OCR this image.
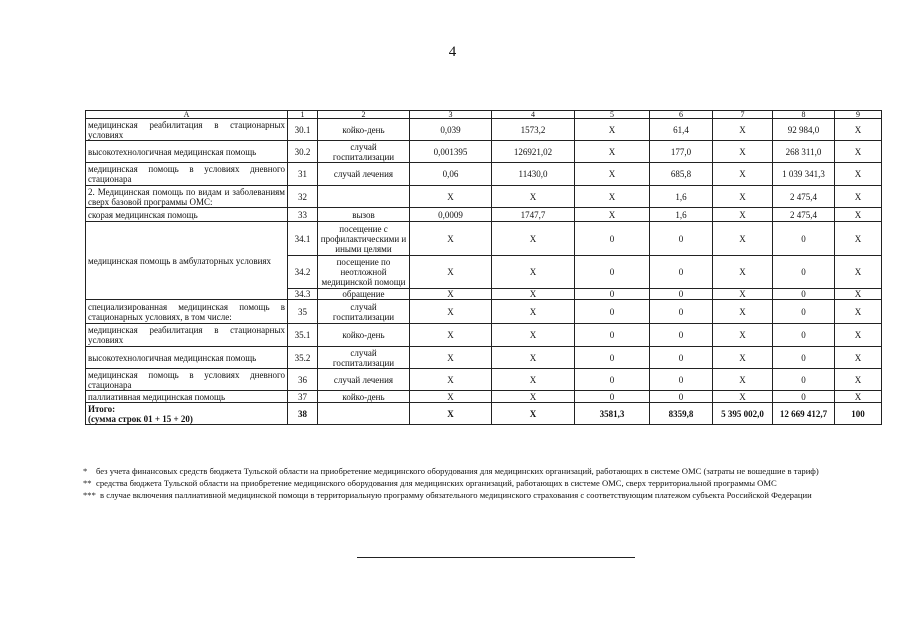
4
A	1	2	3	4	5	6	7	8	9
медицинская реабилитация в стационарных условиях	30.1	койко-день	0,039	1573,2	X	61,4	X	92 984,0	X
высокотехнологичная медицинская помощь	30.2	случай госпитализации	0,001395	126921,02	X	177,0	X	268 311,0	X
медицинская помощь в условиях дневного стационара	31	случай лечения	0,06	11430,0	X	685,8	X	1 039 341,3	X
2. Медицинская помощь по видам и заболеваниям сверх базовой программы ОМС:	32		X	X	X	1,6	X	2 475,4	X
скорая медицинская помощь	33	вызов	0,0009	1747,7	X	1,6	X	2 475,4	X
медицинская помощь в амбулаторных условиях	34.1	посещение с профилактическими и иными целями	X	X	0	0	X	0	X
	34.2	посещение по неотложной медицинской помощи	X	X	0	0	X	0	X
	34.3	обращение	X	X	0	0	X	0	X
специализированная медицинская помощь в стационарных условиях, в том числе:	35	случай госпитализации	X	X	0	0	X	0	X
медицинская реабилитация в стационарных условиях	35.1	койко-день	X	X	0	0	X	0	X
высокотехнологичная медицинская помощь	35.2	случай госпитализации	X	X	0	0	X	0	X
медицинская помощь в условиях дневного стационара	36	случай лечения	X	X	0	0	X	0	X
паллиативная медицинская помощь	37	койко-день	X	X	0	0	X	0	X

Итого:
(сумма строк 01 + 15 + 20)	38		X	X	3581,3	8359,8	5 395 002,0	12 669 412,7	100
* без учета финансовых средств бюджета Тульской области на приобретение медицинского оборудования для медицинских организаций, работающих в системе ОМС (затраты не вошедшие в тариф)
** средства бюджета Тульской области на приобретение медицинского оборудования для медицинских организаций, работающих в системе ОМС, сверх территориальной программы ОМС
*** в случае включения паллиативной медицинской помощи в территориальную программу обязательного медицинского страхования с соответствующим платежом субъекта Российской Федерации
